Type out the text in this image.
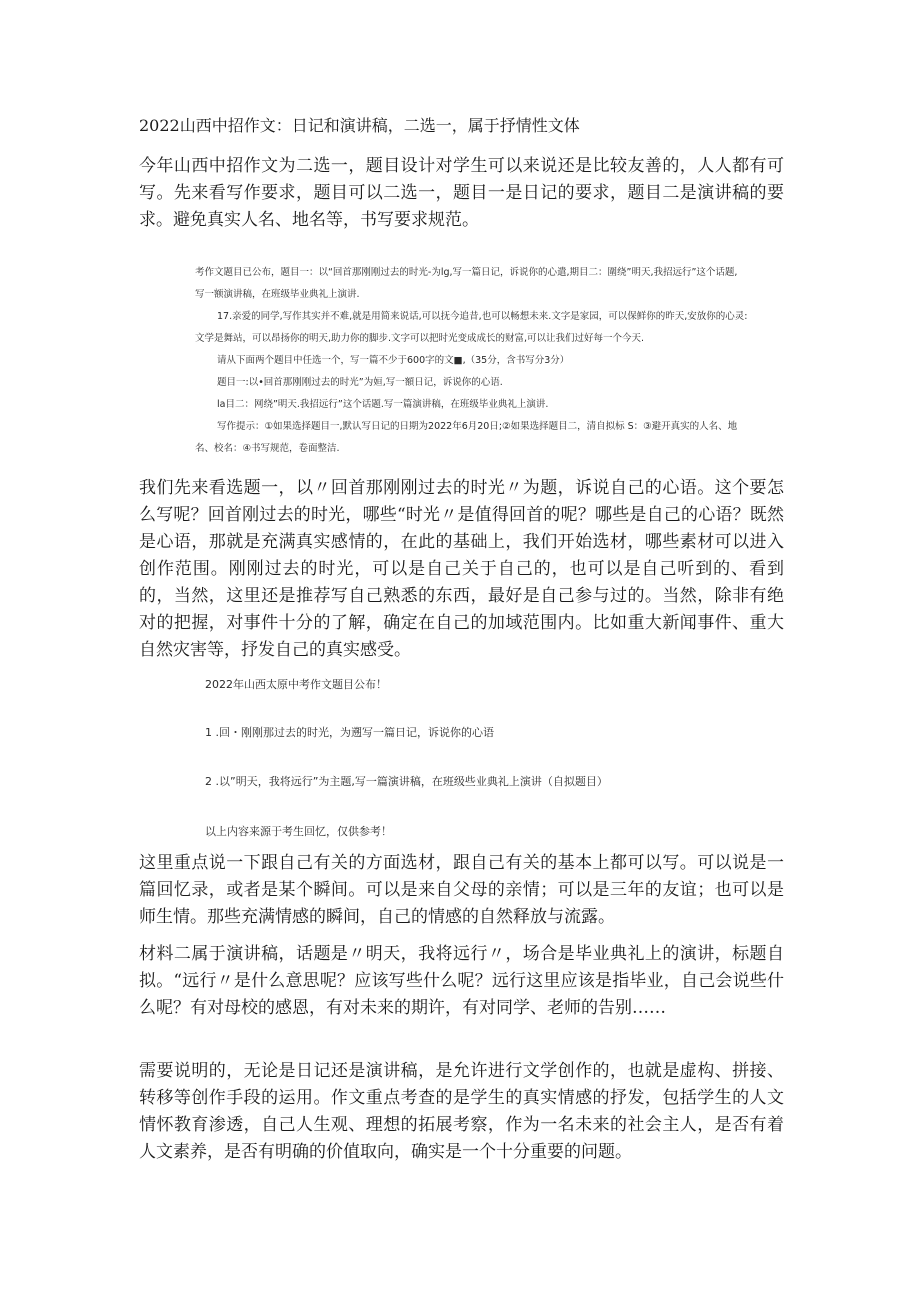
2022山西中招作文：日记和演讲稿，二选一，属于抒情性文体

今年山西中招作文为二选一，题目设计对学生可以来说还是比较友善的，人人都有可写。先来看写作要求，题目可以二选一，题目一是日记的要求，题目二是演讲稿的要求。避免真实人名、地名等，书写要求规范。

考作文题目已公布，题目一：以“回首那刚刚过去的时光-为lg,写一篇日记，诉说你的心遣,期目二：圍绕”明天,我招远行”这个话题,

写一额演讲稿，在班级毕业典礼上演讲.

17.亲爱的同学,写作其实并不难,就是用简来说话,可以抚今追昔,也可以畅想未来.文字是家园，可以保鲜你的昨天,安放你的心灵:

文学是舞站，可以昂扬你的明天,助力你的脚步.文字可以把时光变成成长的财富,可以让我们过好每一个今天.

请从下面两个题目中任选一个，写一篇不少于600字的文■,（35分，含书写分3分）

题目一:以•回首那刚刚过去的时光”为姮,写一額日记，诉说你的心语.

la目二：网绕”明天.我招远行”这个话题.写一篇演讲稿，在班级毕业典礼上演讲.

写作提示：①如果选择题目一,默认写日记的日期为2022年6月20日;②如果选择题目二，清自拟标 S：③避开真实的人名、地

名、校名：④书写规范，卷面整洁.

我们先来看选题一，以〃回首那刚刚过去的时光〃为题，诉说自己的心语。这个要怎么写呢？回首刚过去的时光，哪些“时光〃是值得回首的呢？哪些是自己的心语？既然是心语，那就是充满真实感情的，在此的基础上，我们开始选材，哪些素材可以进入创作范围。刚刚过去的时光，可以是自己关于自己的，也可以是自己听到的、看到的，当然，这里还是推荐写自己熟悉的东西，最好是自己参与过的。当然，除非有绝对的把握，对事件十分的了解，确定在自己的加域范围内。比如重大新闻事件、重大自然灾害等，抒发自己的真实感受。

2022年山西太原中考作文题目公布！

1 .回・刚刚那过去的时光，为遡写一篇日记，诉说你的心语

2 .以”明天，我将远行”为主题,写一篇演讲稿，在班级些业典礼上演讲（自拟题目）

以上内容来源于考生回忆，仅供参考！

这里重点说一下跟自己有关的方面选材，跟自己有关的基本上都可以写。可以说是一篇回忆录，或者是某个瞬间。可以是来自父母的亲情；可以是三年的友谊；也可以是师生情。那些充满情感的瞬间，自己的情感的自然释放与流露。

材料二属于演讲稿，话题是〃明天，我将远行〃，场合是毕业典礼上的演讲，标题自拟。“远行〃是什么意思呢？应该写些什么呢？远行这里应该是指毕业，自己会说些什么呢？有对母校的感恩，有对未来的期许，有对同学、老师的告别……

需要说明的，无论是日记还是演讲稿，是允许进行文学创作的，也就是虚构、拼接、转移等创作手段的运用。作文重点考查的是学生的真实情感的抒发，包括学生的人文情怀教育渗透，自己人生观、理想的拓展考察，作为一名未来的社会主人，是否有着人文素养，是否有明确的价值取向，确实是一个十分重要的问题。
